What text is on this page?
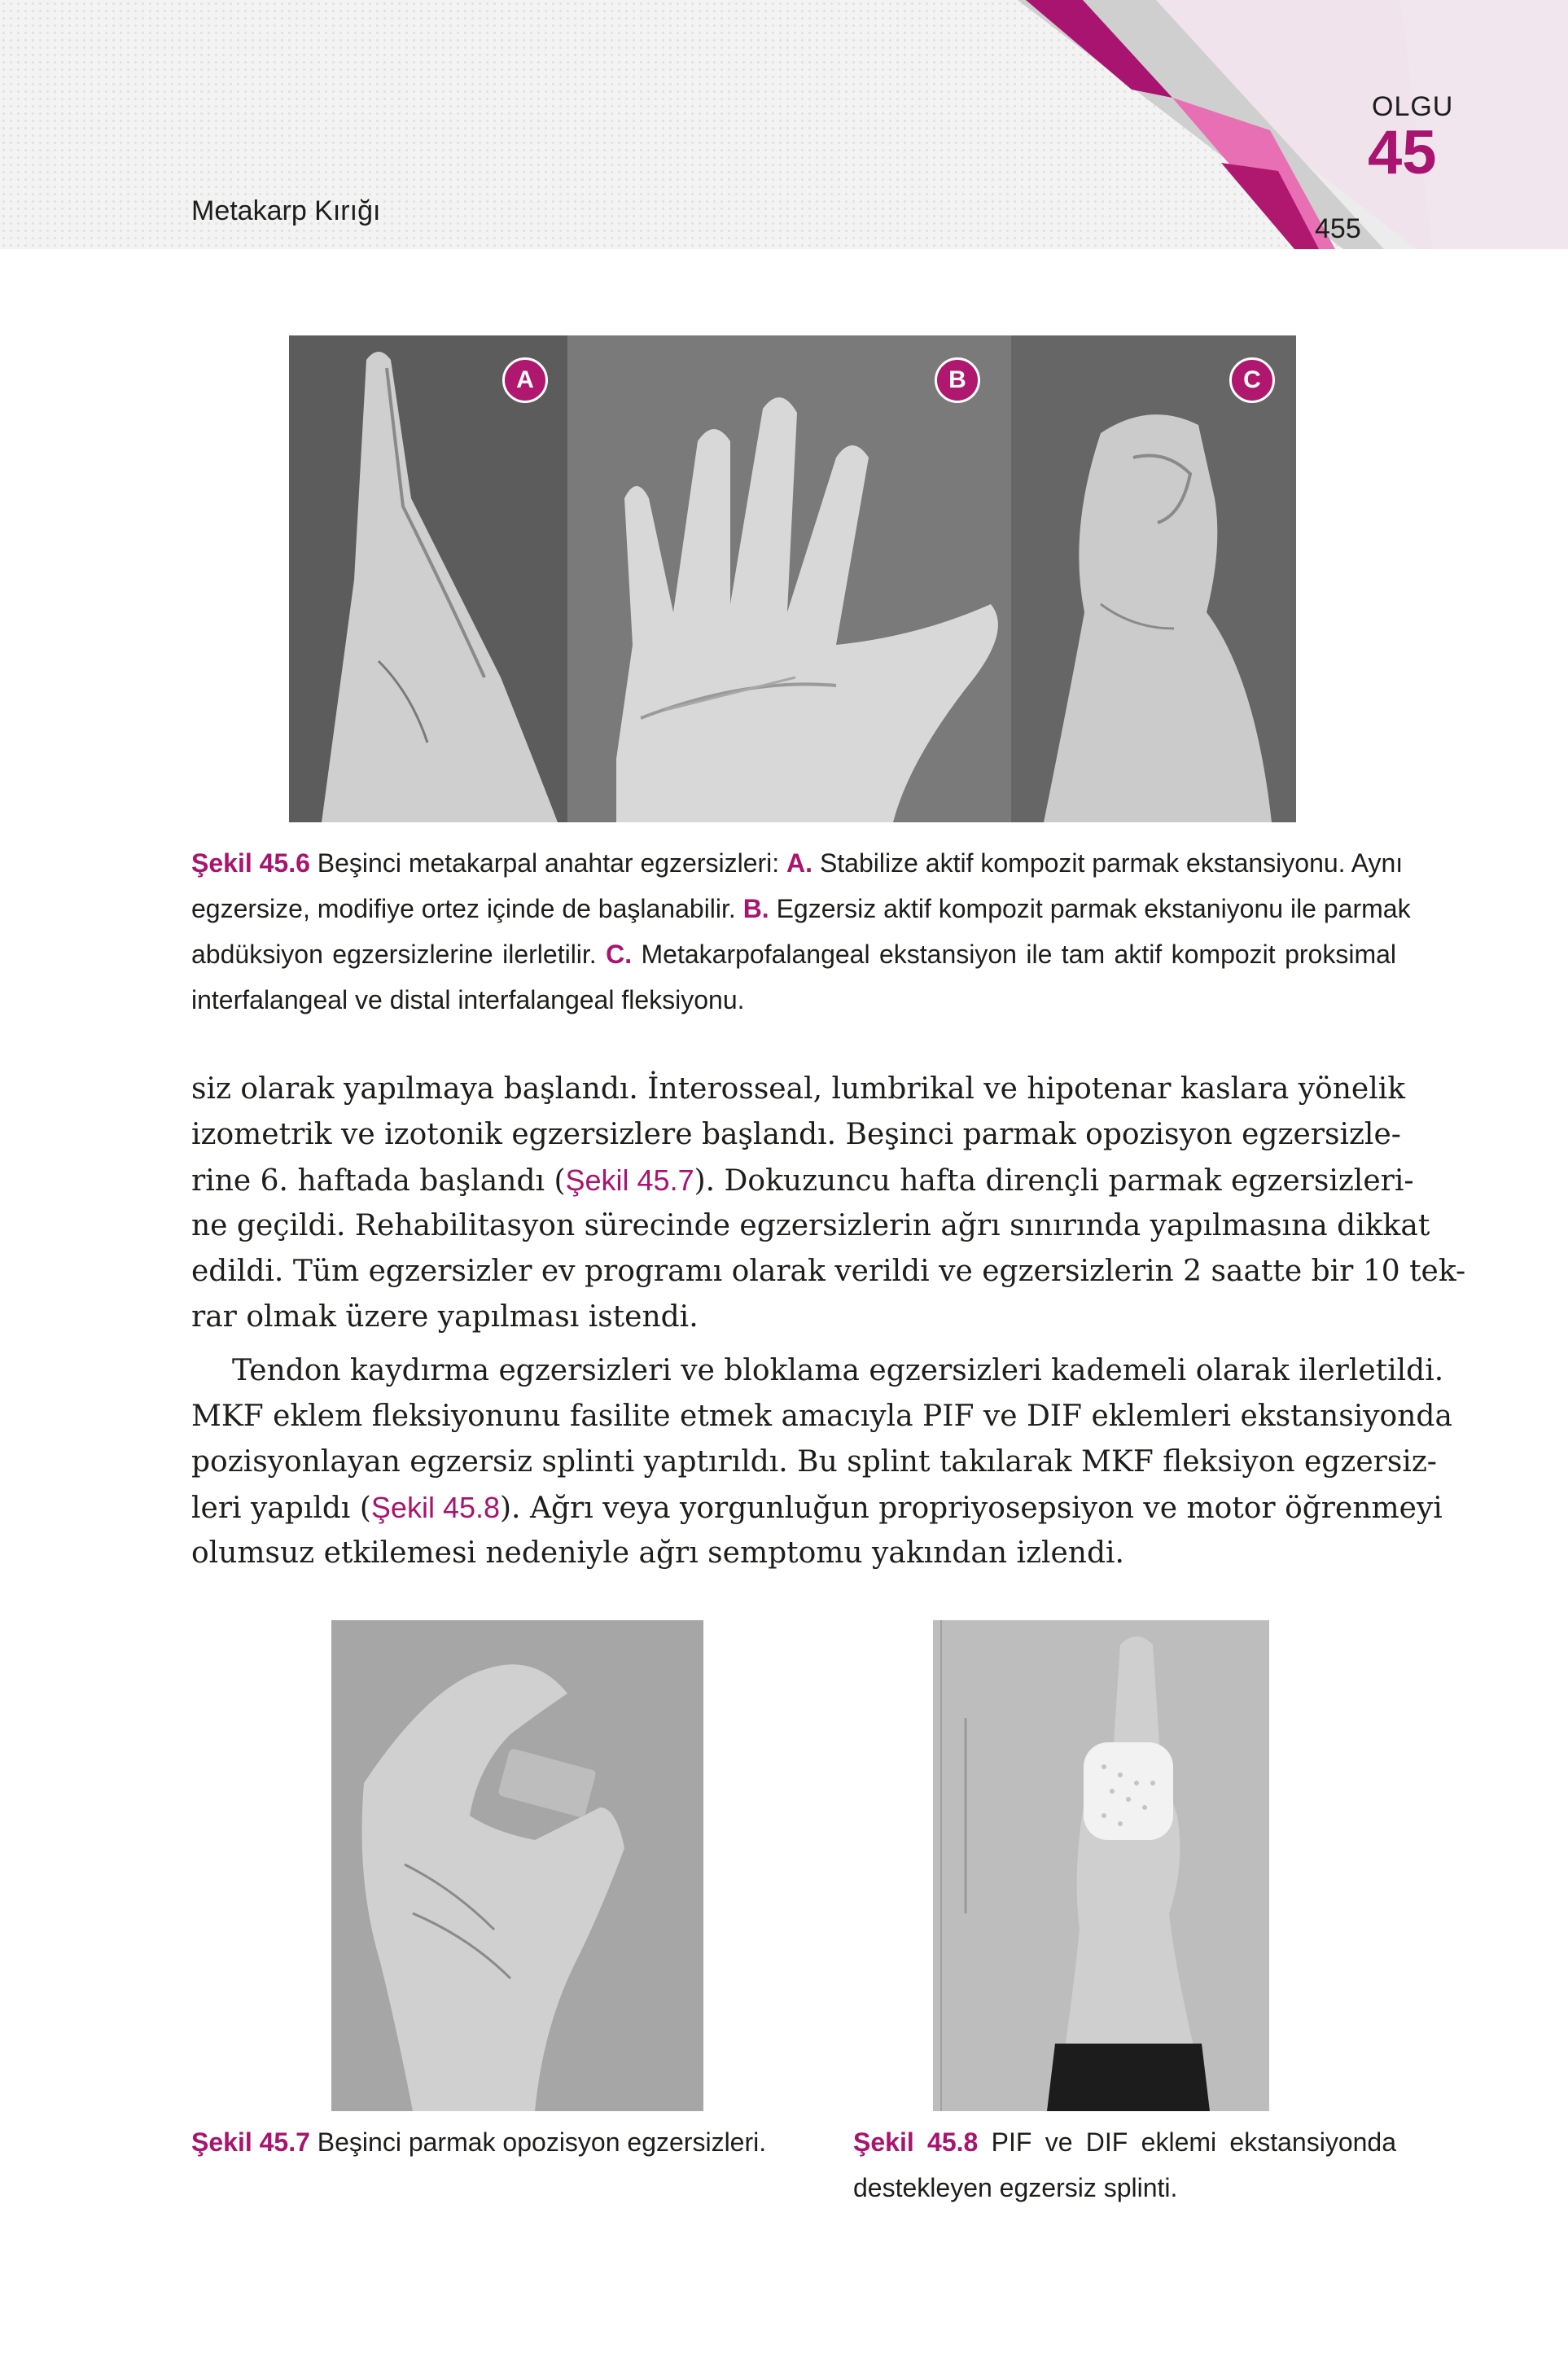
Metakarp Kırığı
OLGU
45
455
A	B	C
Şekil 45.6 Beşinci metakarpal anahtar egzersizleri: A. Stabilize aktif kompozit parmak ekstansiyonu. Aynı
egzersize, modifiye ortez içinde de başlanabilir. B. Egzersiz aktif kompozit parmak ekstaniyonu ile parmak
abdüksiyon egzersizlerine ilerletilir. C. Metakarpofalangeal ekstansiyon ile tam aktif kompozit proksimal
interfalangeal ve distal interfalangeal fleksiyonu.
siz olarak yapılmaya başlandı. İnterosseal, lumbrikal ve hipotenar kaslara yönelik
izometrik ve izotonik egzersizlere başlandı. Beşinci parmak opozisyon egzersizle-
rine 6. haftada başlandı (Şekil 45.7). Dokuzuncu hafta dirençli parmak egzersizleri-
ne geçildi. Rehabilitasyon sürecinde egzersizlerin ağrı sınırında yapılmasına dikkat
edildi. Tüm egzersizler ev programı olarak verildi ve egzersizlerin 2 saatte bir 10 tek-
rar olmak üzere yapılması istendi.
Tendon kaydırma egzersizleri ve bloklama egzersizleri kademeli olarak ilerletildi.
MKF eklem fleksiyonunu fasilite etmek amacıyla PIF ve DIF eklemleri ekstansiyonda
pozisyonlayan egzersiz splinti yaptırıldı. Bu splint takılarak MKF fleksiyon egzersiz-
leri yapıldı (Şekil 45.8). Ağrı veya yorgunluğun propriyosepsiyon ve motor öğrenmeyi
olumsuz etkilemesi nedeniyle ağrı semptomu yakından izlendi.
Şekil 45.7 Beşinci parmak opozisyon egzersizleri.	Şekil 45.8 PIF ve DIF eklemi ekstansiyonda
destekleyen egzersiz splinti.
